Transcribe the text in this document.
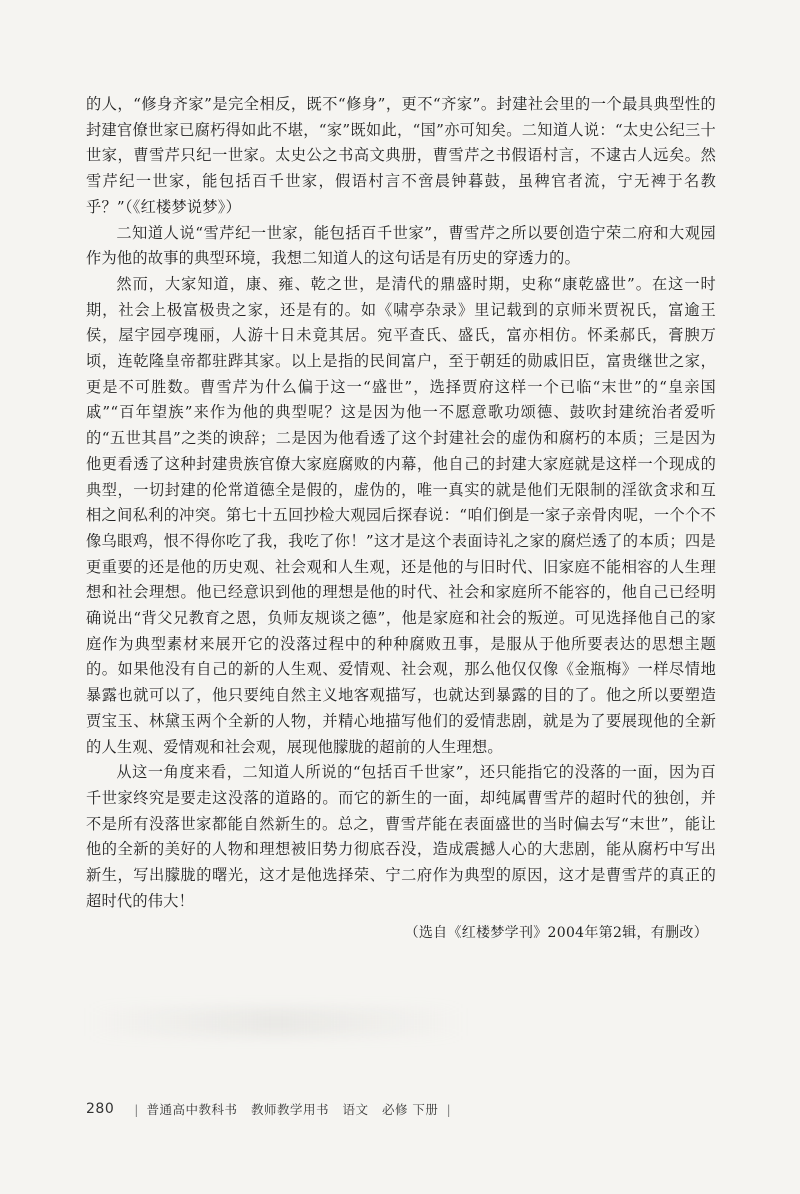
的人，“修身齐家”是完全相反，既不“修身”，更不“齐家”。封建社会里的一个最具典型性的封建官僚世家已腐朽得如此不堪，“家”既如此，“国”亦可知矣。二知道人说：“太史公纪三十世家，曹雪芹只纪一世家。太史公之书高文典册，曹雪芹之书假语村言，不逮古人远矣。然雪芹纪一世家，能包括百千世家，假语村言不啻晨钟暮鼓，虽稗官者流，宁无裨于名教乎？”（《红楼梦说梦》）

二知道人说“雪芹纪一世家，能包括百千世家”，曹雪芹之所以要创造宁荣二府和大观园作为他的故事的典型环境，我想二知道人的这句话是有历史的穿透力的。

然而，大家知道，康、雍、乾之世，是清代的鼎盛时期，史称“康乾盛世”。在这一时期，社会上极富极贵之家，还是有的。如《啸亭杂录》里记载到的京师米贾祝氏，富逾王侯，屋宇园亭瑰丽，人游十日未竟其居。宛平查氏、盛氏，富亦相仿。怀柔郝氏，膏腴万顷，连乾隆皇帝都驻跸其家。以上是指的民间富户，至于朝廷的勋戚旧臣，富贵继世之家，更是不可胜数。曹雪芹为什么偏于这一“盛世”，选择贾府这样一个已临“末世”的“皇亲国戚”“百年望族”来作为他的典型呢？这是因为他一不愿意歌功颂德、鼓吹封建统治者爱听的“五世其昌”之类的谀辞；二是因为他看透了这个封建社会的虚伪和腐朽的本质；三是因为他更看透了这种封建贵族官僚大家庭腐败的内幕，他自己的封建大家庭就是这样一个现成的典型，一切封建的伦常道德全是假的，虚伪的，唯一真实的就是他们无限制的淫欲贪求和互相之间私利的冲突。第七十五回抄检大观园后探春说：“咱们倒是一家子亲骨肉呢，一个个不像乌眼鸡，恨不得你吃了我，我吃了你！”这才是这个表面诗礼之家的腐烂透了的本质；四是更重要的还是他的历史观、社会观和人生观，还是他的与旧时代、旧家庭不能相容的人生理想和社会理想。他已经意识到他的理想是他的时代、社会和家庭所不能容的，他自己已经明确说出“背父兄教育之恩，负师友规谈之德”，他是家庭和社会的叛逆。可见选择他自己的家庭作为典型素材来展开它的没落过程中的种种腐败丑事，是服从于他所要表达的思想主题的。如果他没有自己的新的人生观、爱情观、社会观，那么他仅仅像《金瓶梅》一样尽情地暴露也就可以了，他只要纯自然主义地客观描写，也就达到暴露的目的了。他之所以要塑造贾宝玉、林黛玉两个全新的人物，并精心地描写他们的爱情悲剧，就是为了要展现他的全新的人生观、爱情观和社会观，展现他朦胧的超前的人生理想。

从这一角度来看，二知道人所说的“包括百千世家”，还只能指它的没落的一面，因为百千世家终究是要走这没落的道路的。而它的新生的一面，却纯属曹雪芹的超时代的独创，并不是所有没落世家都能自然新生的。总之，曹雪芹能在表面盛世的当时偏去写“末世”，能让他的全新的美好的人物和理想被旧势力彻底吞没，造成震撼人心的大悲剧，能从腐朽中写出新生，写出朦胧的曙光，这才是他选择荣、宁二府作为典型的原因，这才是曹雪芹的真正的超时代的伟大！

（选自《红楼梦学刊》2004年第2辑，有删改）

280 | 普通高中教科书 教师教学用书 语文 必修 下册 |
